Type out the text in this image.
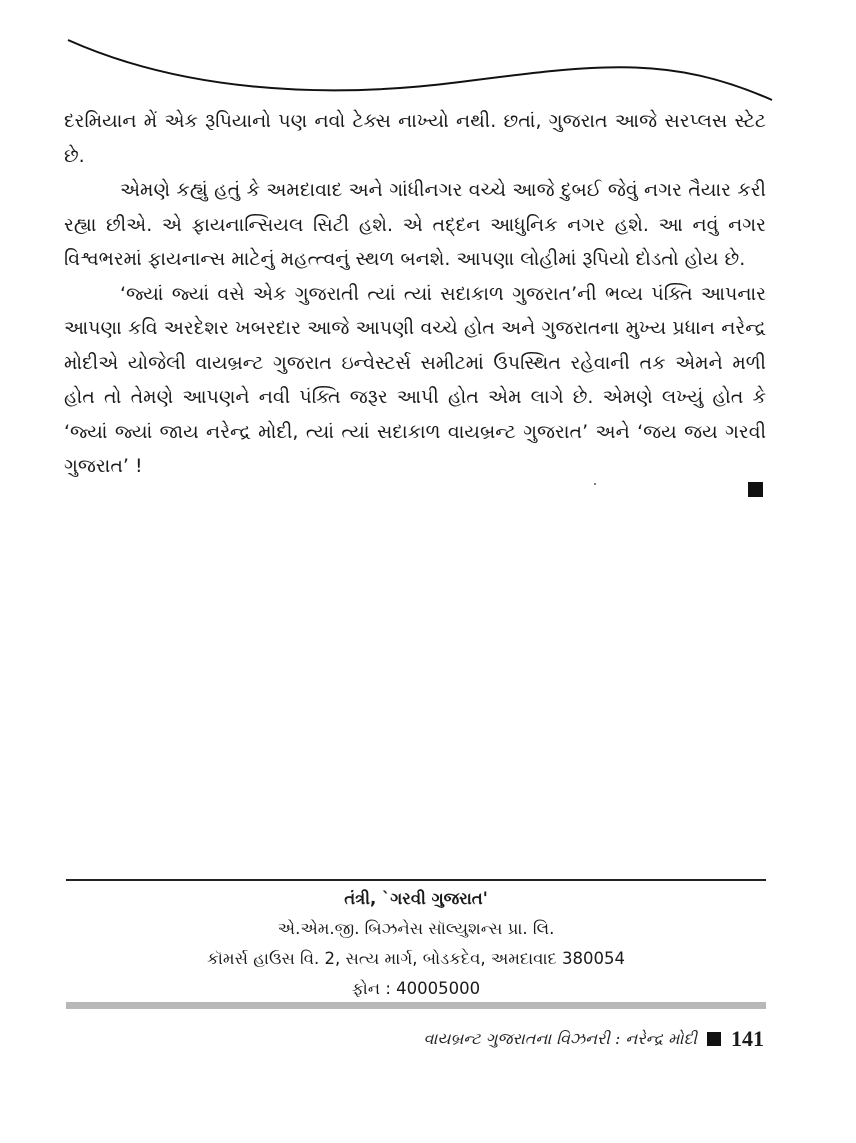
દરમિયાન મેં એક રૂપિયાનો પણ નવો ટેક્સ નાખ્યો નથી. છતાં, ગુજરાત આજે સરપ્લસ સ્ટેટ છે.

એમણે કહ્યું હતું કે અમદાવાદ અને ગાંધીનગર વચ્ચે આજે દુબઈ જેવું નગર તૈયાર કરી રહ્યા છીએ. એ ફાયનાન્સિયલ સિટી હશે. એ તદ્દન આધુનિક નગર હશે. આ નવું નગર વિશ્વભરમાં ફાયનાન્સ માટેનું મહત્ત્વનું સ્થળ બનશે. આપણા લોહીમાં રૂપિયો દોડતો હોય છે.

‘જ્યાં જ્યાં વસે એક ગુજરાતી ત્યાં ત્યાં સદાકાળ ગુજરાત’ની ભવ્ય પંક્તિ આપનાર આપણા કવિ અરદેશર ખબરદાર આજે આપણી વચ્ચે હોત અને ગુજરાતના મુખ્ય પ્રધાન નરેન્દ્ર મોદીએ યોજેલી વાયબ્રન્ટ ગુજરાત ઇન્વેસ્ટર્સ સમીટમાં ઉપસ્થિત રહેવાની તક એમને મળી હોત તો તેમણે આપણને નવી પંક્તિ જરૂર આપી હોત એમ લાગે છે. એમણે લખ્યું હોત કે ‘જ્યાં જ્યાં જાય નરેન્દ્ર મોદી, ત્યાં ત્યાં સદાકાળ વાયબ્રન્ટ ગુજરાત’ અને ‘જય જય ગરવી ગુજરાત’ !

તંત્રી, `ગરવી ગુજરાત'
એ.એમ.જી. બિઝનેસ સૉલ્યુશન્સ પ્રા. લિ.
કૉમર્સ હાઉસ વિ. 2, સત્ય માર્ગ, બોડકદેવ, અમદાવાદ 380054
ફોન : 40005000
વાયબ્રન્ટ ગુજરાતના વિઝનરી : નરેન્દ્ર મોદી 141
